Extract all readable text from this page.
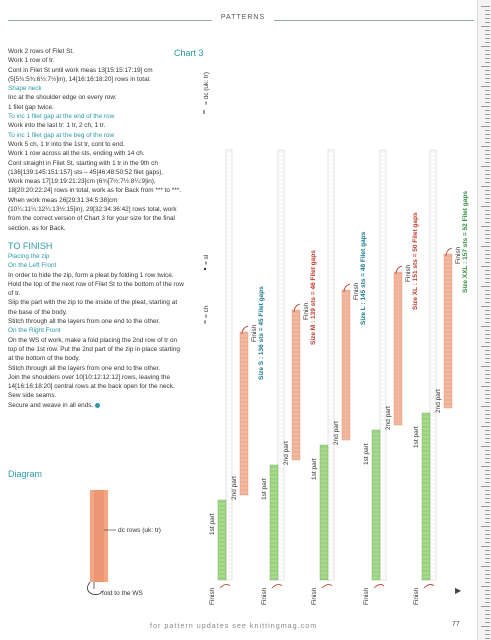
PATTERNS

Work 2 rows of Filet St.

Work 1 row of tr.

Cont in Filet St until work meas 13[15:15:17:19] cm (5[5¾:5¾:6½:7½]in), 14[16:16:18:20] rows in total.

Shape neck

Inc at the shoulder edge on every row:

1 filet gap twice.

To inc 1 filet gap at the end of the row

Work into the last tr: 1 tr, 2 ch, 1 tr.

To inc 1 filet gap at the beg of the row

Work 5 ch, 1 tr into the 1st tr, cont to end.

Work 1 row across all the sts, ending with 14 ch.

Cont straight in Filet St, starting with 1 tr in the 9th ch (136[139:145:151:157] sts – 45[46:48:50:52 filet gaps).

Work meas 17[19:19:21:23]cm (6¾[7½:7½:8¼:9]in), 18[20:20:22:24] rows in total, work as for Back from *** to ***.

When work meas 26[29:31:34:5:38]cm (10¼:11¼:12¼:13½:15]in), 29[32:34:36:42] rows total, work from the correct version of Chart 3 for your size for the final section, as for Back.

TO FINISH

Placing the zip

On the Left Front

In order to hide the zip, form a pleat by folding 1 row twice.

Hold the top of the next row of Filet St to the bottom of the row of tr.

Slip the part with the zip to the inside of the pleat, starting at the base of the body.

Stitch through all the layers from one end to the other.

On the Right Front

On the WS of work, make a fold placing the 2nd row of tr on top of the 1st row. Put the 2nd part of the zip in place starting at the bottom of the body.

Stitch through all the layers from one end to the other.

Join the shoulders over 10[10:12:12:12] rows, leaving the 14[16:16:18:20] central rows at the back open for the neck.

Sew side seams.

Secure and weave in all ends.

Diagram
dc rows (uk: tr)
fold to the WS
Chart 3
= dc (uk: tr)
= sl
= ch
1st part
2nd part
Finish
Finish Size S : 136 sts = 45 Filet gaps
1st part
2nd part
Finish
Finish Size M : 139 sts = 46 Filet gaps
1st part
2nd part
Finish
Finish Size L : 145 sts = 48 Filet gaps
1st part
2nd part
Finish
Finish Size XL : 151 sts = 50 Filet gaps
1st part
2nd part
Finish
Finish Size XXL : 157 sts = 52 Filet gaps
▶
for pattern updates see knittingmag.com	77
